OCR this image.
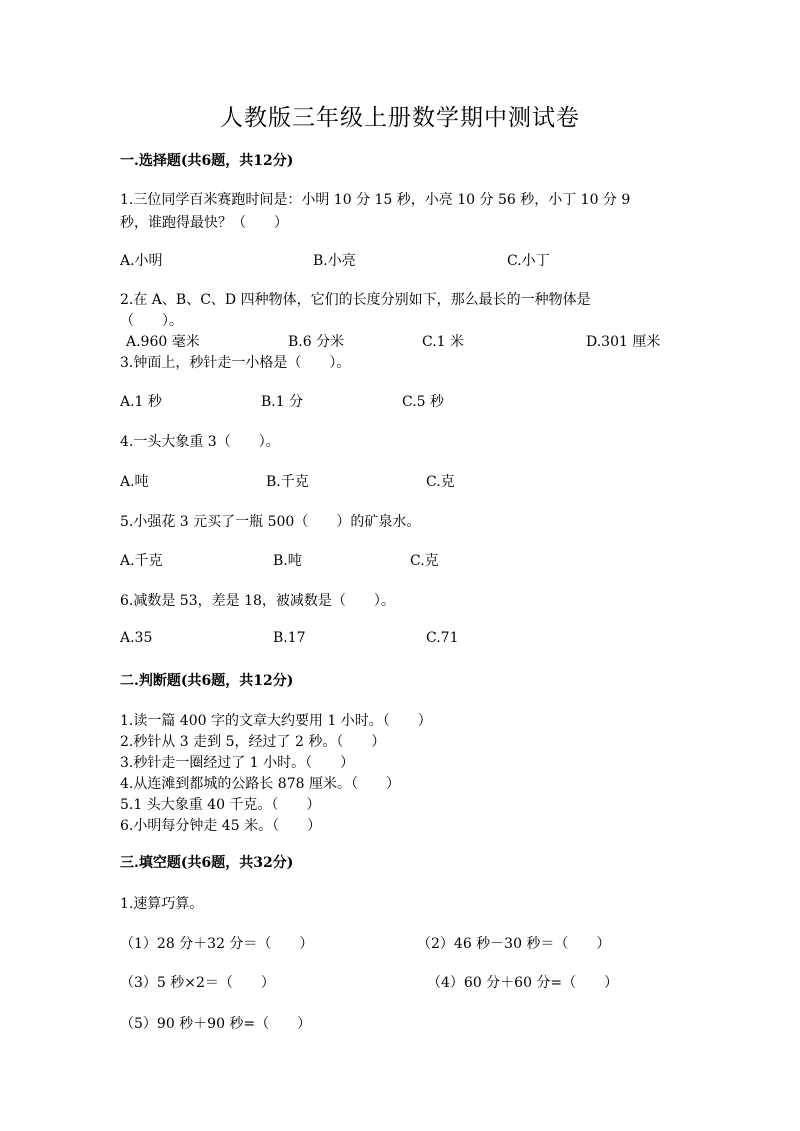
人教版三年级上册数学期中测试卷
一.选择题(共6题，共12分)
1.三位同学百米赛跑时间是：小明 10 分 15 秒，小亮 10 分 56 秒，小丁 10 分 9
秒，谁跑得最快？（　　）
A.小明	B.小亮	C.小丁
2.在 A、B、C、D 四种物体，它们的长度分别如下，那么最长的一种物体是
（　　）。
A.960 毫米	B.6 分米	C.1 米	D.301 厘米
3.钟面上，秒针走一小格是（　　）。
A.1 秒	B.1 分	C.5 秒
4.一头大象重 3（　　）。
A.吨	B.千克	C.克
5.小强花 3 元买了一瓶 500（　　）的矿泉水。
A.千克	B.吨	C.克
6.减数是 53，差是 18，被减数是（　　）。
A.35	B.17	C.71
二.判断题(共6题，共12分)
1.读一篇 400 字的文章大约要用 1 小时。（　　）
2.秒针从 3 走到 5，经过了 2 秒。（　　）
3.秒针走一圈经过了 1 小时。（　　）
4.从连滩到都城的公路长 878 厘米。（　　）
5.1 头大象重 40 千克。（　　）
6.小明每分钟走 45 米。（　　）
三.填空题(共6题，共32分)
1.速算巧算。
（1）28 分＋32 分＝（　　）	（2）46 秒－30 秒＝（　　）
（3）5 秒×2＝（　　）	（4）60 分＋60 分=（　　）
（5）90 秒＋90 秒=（　　）
